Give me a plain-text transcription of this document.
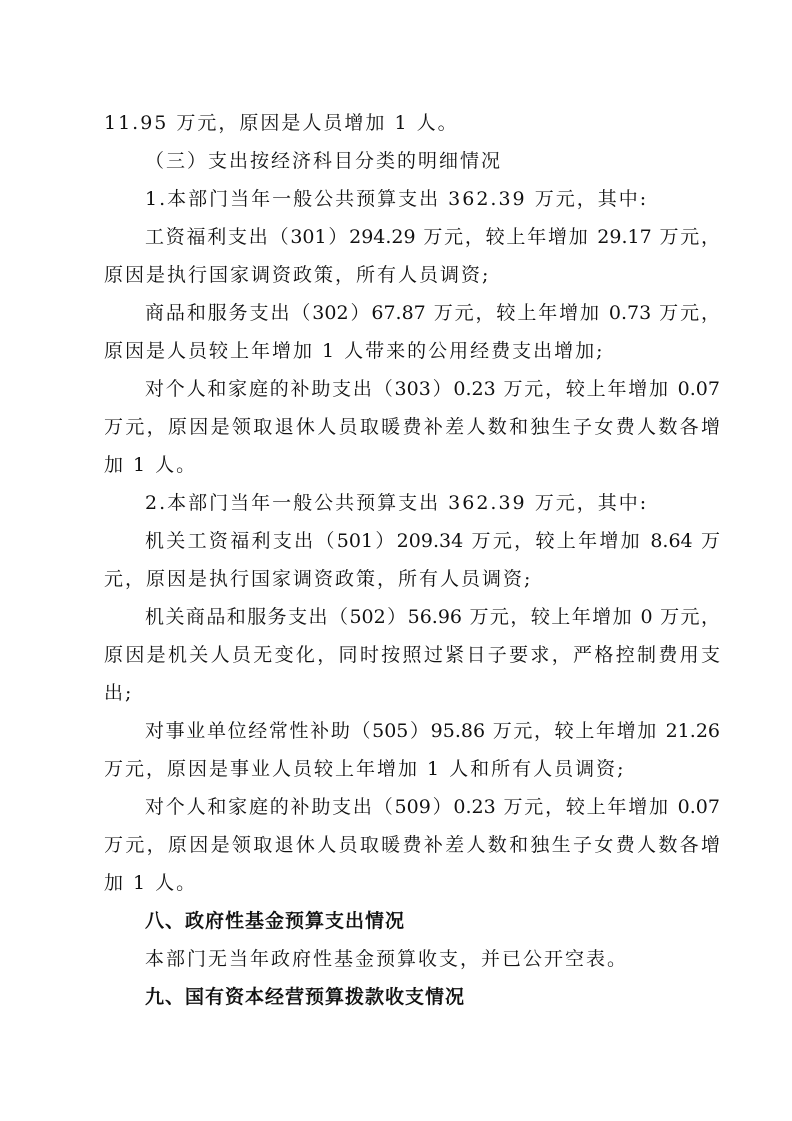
11.95 万元，原因是人员增加 1 人。
（三）支出按经济科目分类的明细情况
1.本部门当年一般公共预算支出 362.39 万元，其中:
工资福利支出（301）294.29 万元，较上年增加 29.17 万元，
原因是执行国家调资政策，所有人员调资;
商品和服务支出（302）67.87 万元，较上年增加 0.73 万元，
原因是人员较上年增加 1 人带来的公用经费支出增加;
对个人和家庭的补助支出（303）0.23 万元，较上年增加 0.07
万元，原因是领取退休人员取暖费补差人数和独生子女费人数各增
加 1 人。
2.本部门当年一般公共预算支出 362.39 万元，其中:
机关工资福利支出（501）209.34 万元，较上年增加 8.64 万
元，原因是执行国家调资政策，所有人员调资;
机关商品和服务支出（502）56.96 万元，较上年增加 0 万元，
原因是机关人员无变化，同时按照过紧日子要求，严格控制费用支
出;
对事业单位经常性补助（505）95.86 万元，较上年增加 21.26
万元，原因是事业人员较上年增加 1 人和所有人员调资;
对个人和家庭的补助支出（509）0.23 万元，较上年增加 0.07
万元，原因是领取退休人员取暖费补差人数和独生子女费人数各增
加 1 人。
八、政府性基金预算支出情况
本部门无当年政府性基金预算收支，并已公开空表。
九、国有资本经营预算拨款收支情况
